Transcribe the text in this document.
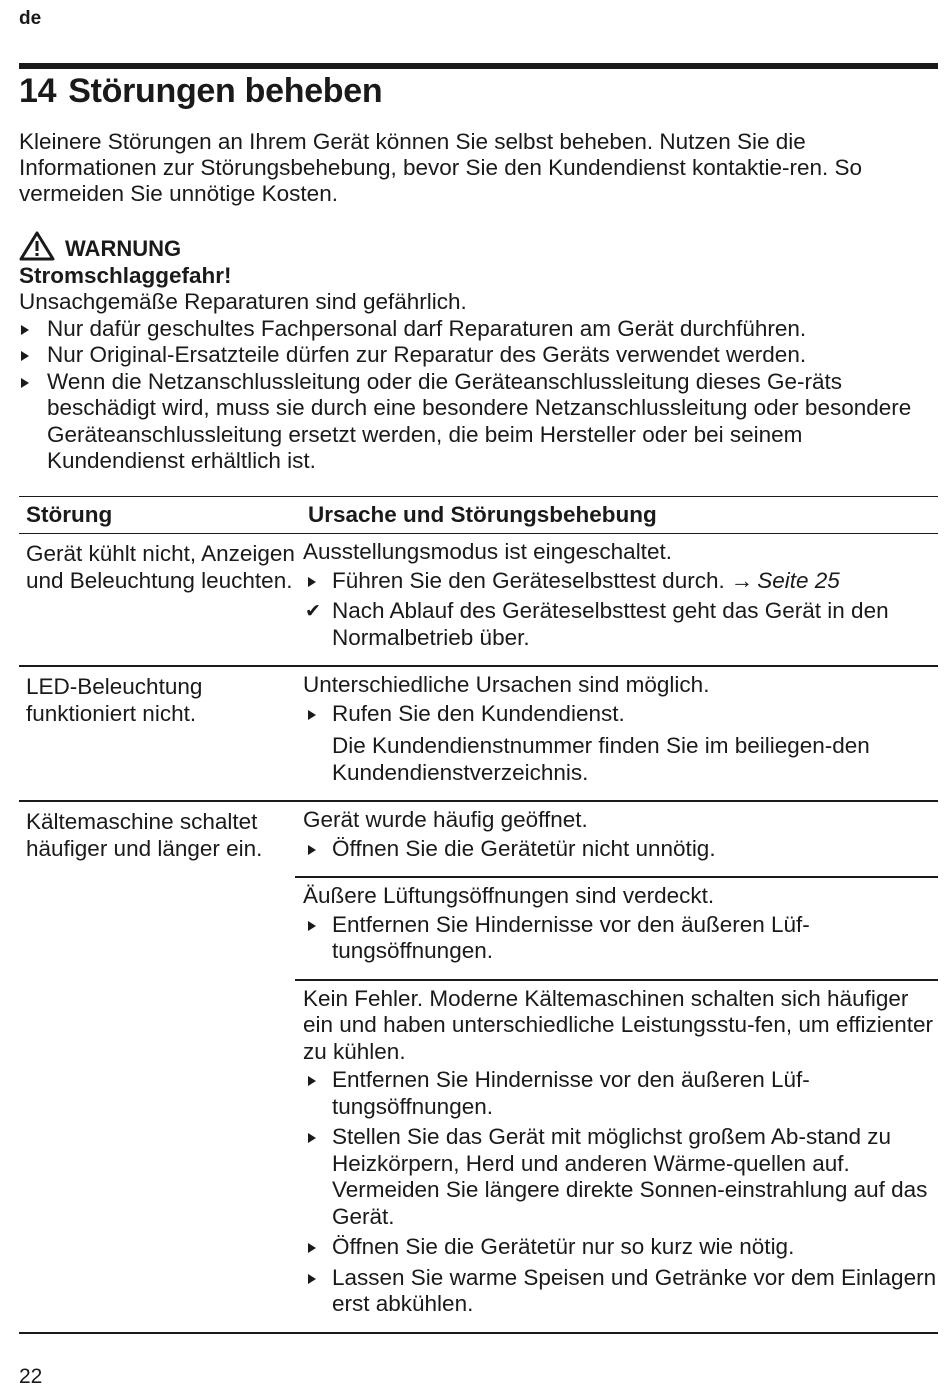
de
14 Störungen beheben

Kleinere Störungen an Ihrem Gerät können Sie selbst beheben. Nutzen Sie die Informationen zur Störungsbehebung, bevor Sie den Kundendienst kontaktie-ren. So vermeiden Sie unnötige Kosten.

WARNUNG
Stromschlaggefahr!
Unsachgemäße Reparaturen sind gefährlich.
Nur dafür geschultes Fachpersonal darf Reparaturen am Gerät durchführen.
Nur Original-Ersatzteile dürfen zur Reparatur des Geräts verwendet werden.
Wenn die Netzanschlussleitung oder die Geräteanschlussleitung dieses Ge-räts beschädigt wird, muss sie durch eine besondere Netzanschlussleitung oder besondere Geräteanschlussleitung ersetzt werden, die beim Hersteller oder bei seinem Kundendienst erhältlich ist.
Störung	Ursache und Störungsbehebung
Gerät kühlt nicht, Anzeigen und Beleuchtung leuchten.
Ausstellungsmodus ist eingeschaltet.
Führen Sie den Geräteselbsttest durch. → Seite 25
✔ Nach Ablauf des Geräteselbsttest geht das Gerät in den Normalbetrieb über.
LED-Beleuchtung funktioniert nicht.
Unterschiedliche Ursachen sind möglich.
Rufen Sie den Kundendienst.
Die Kundendienstnummer finden Sie im beiliegen-den Kundendienstverzeichnis.
Kältemaschine schaltet häufiger und länger ein.
Gerät wurde häufig geöffnet.
Öffnen Sie die Gerätetür nicht unnötig.
Äußere Lüftungsöffnungen sind verdeckt.
Entfernen Sie Hindernisse vor den äußeren Lüf-tungsöffnungen.
Kein Fehler. Moderne Kältemaschinen schalten sich häufiger ein und haben unterschiedliche Leistungsstu-fen, um effizienter zu kühlen.
Entfernen Sie Hindernisse vor den äußeren Lüf-tungsöffnungen.
Stellen Sie das Gerät mit möglichst großem Ab-stand zu Heizkörpern, Herd und anderen Wärme-quellen auf. Vermeiden Sie längere direkte Sonnen-einstrahlung auf das Gerät.
Öffnen Sie die Gerätetür nur so kurz wie nötig.
Lassen Sie warme Speisen und Getränke vor dem Einlagern erst abkühlen.
22
